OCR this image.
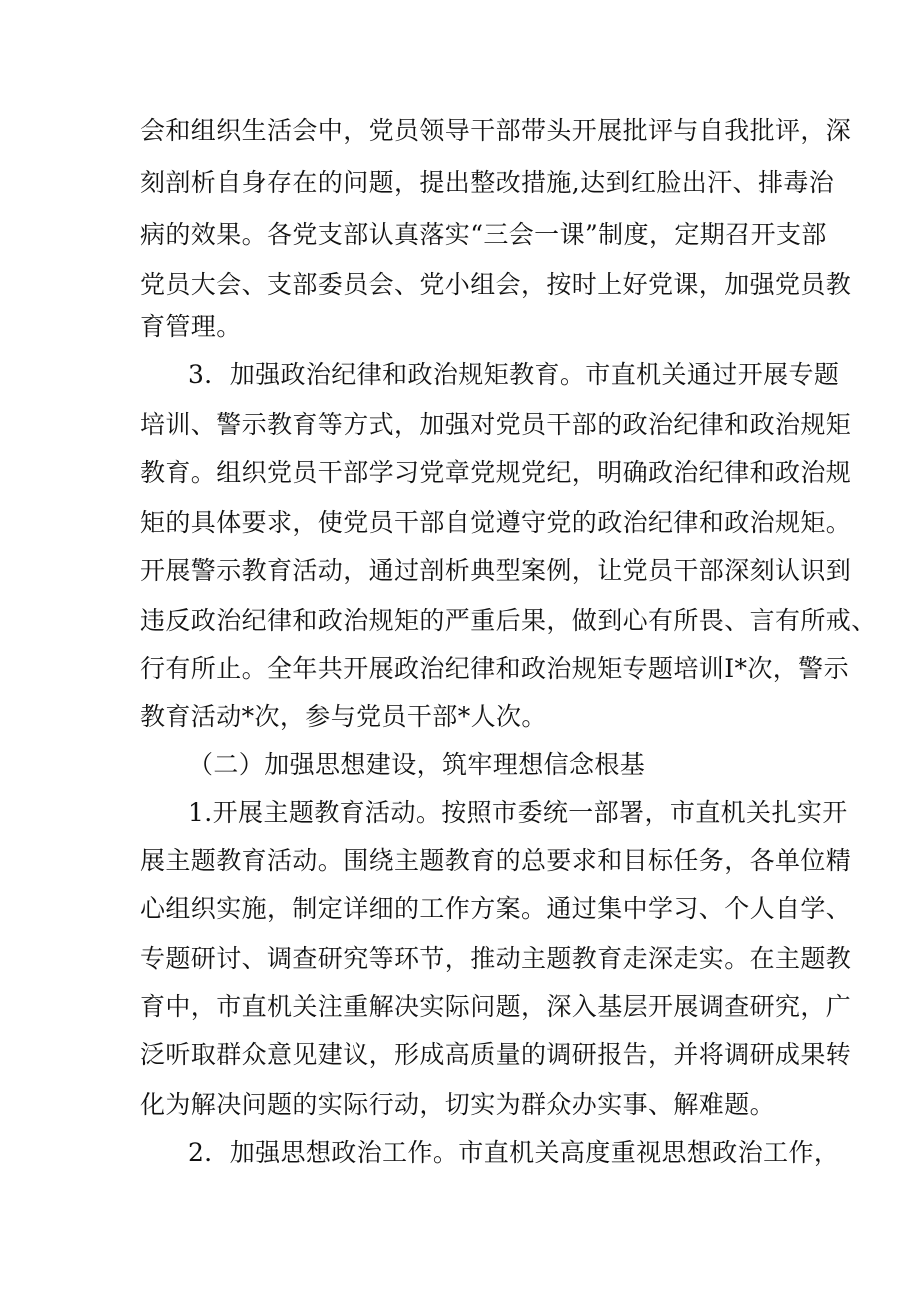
会和组织生活会中，党员领导干部带头开展批评与自我批评，深
刻剖析自身存在的问题，提出整改措施,达到红脸出汗、排毒治
病的效果。各党支部认真落实“三会一课”制度，定期召开支部
党员大会、支部委员会、党小组会，按时上好党课，加强党员教
育管理。
3．加强政治纪律和政治规矩教育。市直机关通过开展专题
培训、警示教育等方式，加强对党员干部的政治纪律和政治规矩
教育。组织党员干部学习党章党规党纪，明确政治纪律和政治规
矩的具体要求，使党员干部自觉遵守党的政治纪律和政治规矩。
开展警示教育活动，通过剖析典型案例，让党员干部深刻认识到
违反政治纪律和政治规矩的严重后果，做到心有所畏、言有所戒、
行有所止。全年共开展政治纪律和政治规矩专题培训I*次，警示
教育活动*次，参与党员干部*人次。
（二）加强思想建设，筑牢理想信念根基
1.开展主题教育活动。按照市委统一部署，市直机关扎实开
展主题教育活动。围绕主题教育的总要求和目标任务，各单位精
心组织实施，制定详细的工作方案。通过集中学习、个人自学、
专题研讨、调查研究等环节，推动主题教育走深走实。在主题教
育中，市直机关注重解决实际问题，深入基层开展调查研究，广
泛听取群众意见建议，形成高质量的调研报告，并将调研成果转
化为解决问题的实际行动，切实为群众办实事、解难题。
2．加强思想政治工作。市直机关高度重视思想政治工作，
